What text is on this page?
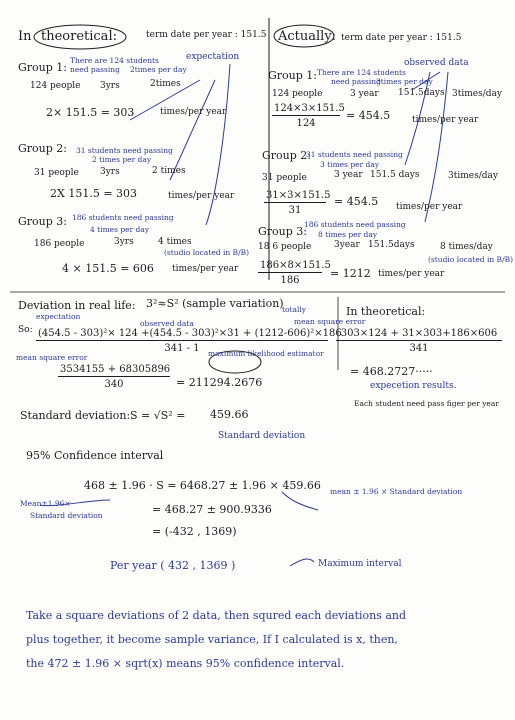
In theoretical:	term date per year : 151.5
expectation
Group 1:
There are 124 students
need passing 2times per day
124 people 3yrs	2times
2× 151.5 = 303	times/per year
Group 2: 31 students need passing
2 times per day
31 people 3yrs	2 times
2X 151.5 = 303	times/per year
Group 3: 186 students need passing
4 times per day
186 people	3yrs	4 times
(studio located in B/B)
4 × 151.5 = 606 times/per year
Actually: term date per year : 151.5
observed data
Group 1: There are 124 students
need passing
3times per day
124 people	3 year 151.5days 3times/day
$\frac{124\times 3\times 151.5}{124} = 454.5$ times/per year
Group 2:
31 students need passing
3 times per day
31 people	3 year 151.5 days	3times/day
$\frac{31\times 3\times 151.5}{31} = 454.5$ times/per year
Group 3:
186 students need passing
8 times per day
18 6 people	3year 151.5days	8 times/day
(studio located in B/B)
$\frac{186\times 8\times 151.5}{186} = 1212$ times/per year
Deviation in real life: 3²≈S² (sample variation)
totally
mean square error
expectation
observed data
So: $\frac{\text{(454.5 - 303)²× 124 +(454.5 - 303)²×31 + (1212-606)²×186}}{341 - 1}$
maximum likelihood estimator
mean square error
$\frac{3534155 + 68305896}{340} = 211294.2676$
Standard deviation: S = √S² = 459.66
Standard deviation
In theoretical:
$\frac{303\times 124 + 31\times 303+186\times 606}{341}$
= 468.2727·····
expecetion results.
Each student need pass figer per year
95% Confidence interval
468 ± 1.96 · S = 6468.27 ± 1.96 × 459.66 mean ± 1.96 × Standard deviation
= 468.27 ± 900.9336
= (-432 , 1369)
Mean±1.96×
Standard deviation
Per year ( 432 , 1369 )	Maximum interval
Take a square deviations of 2 data, then squred each deviations and
plus together, it become sample variance, If I calculated is x, then,
the 472 ± 1.96 × sqrt(x) means 95% confidence interval.
